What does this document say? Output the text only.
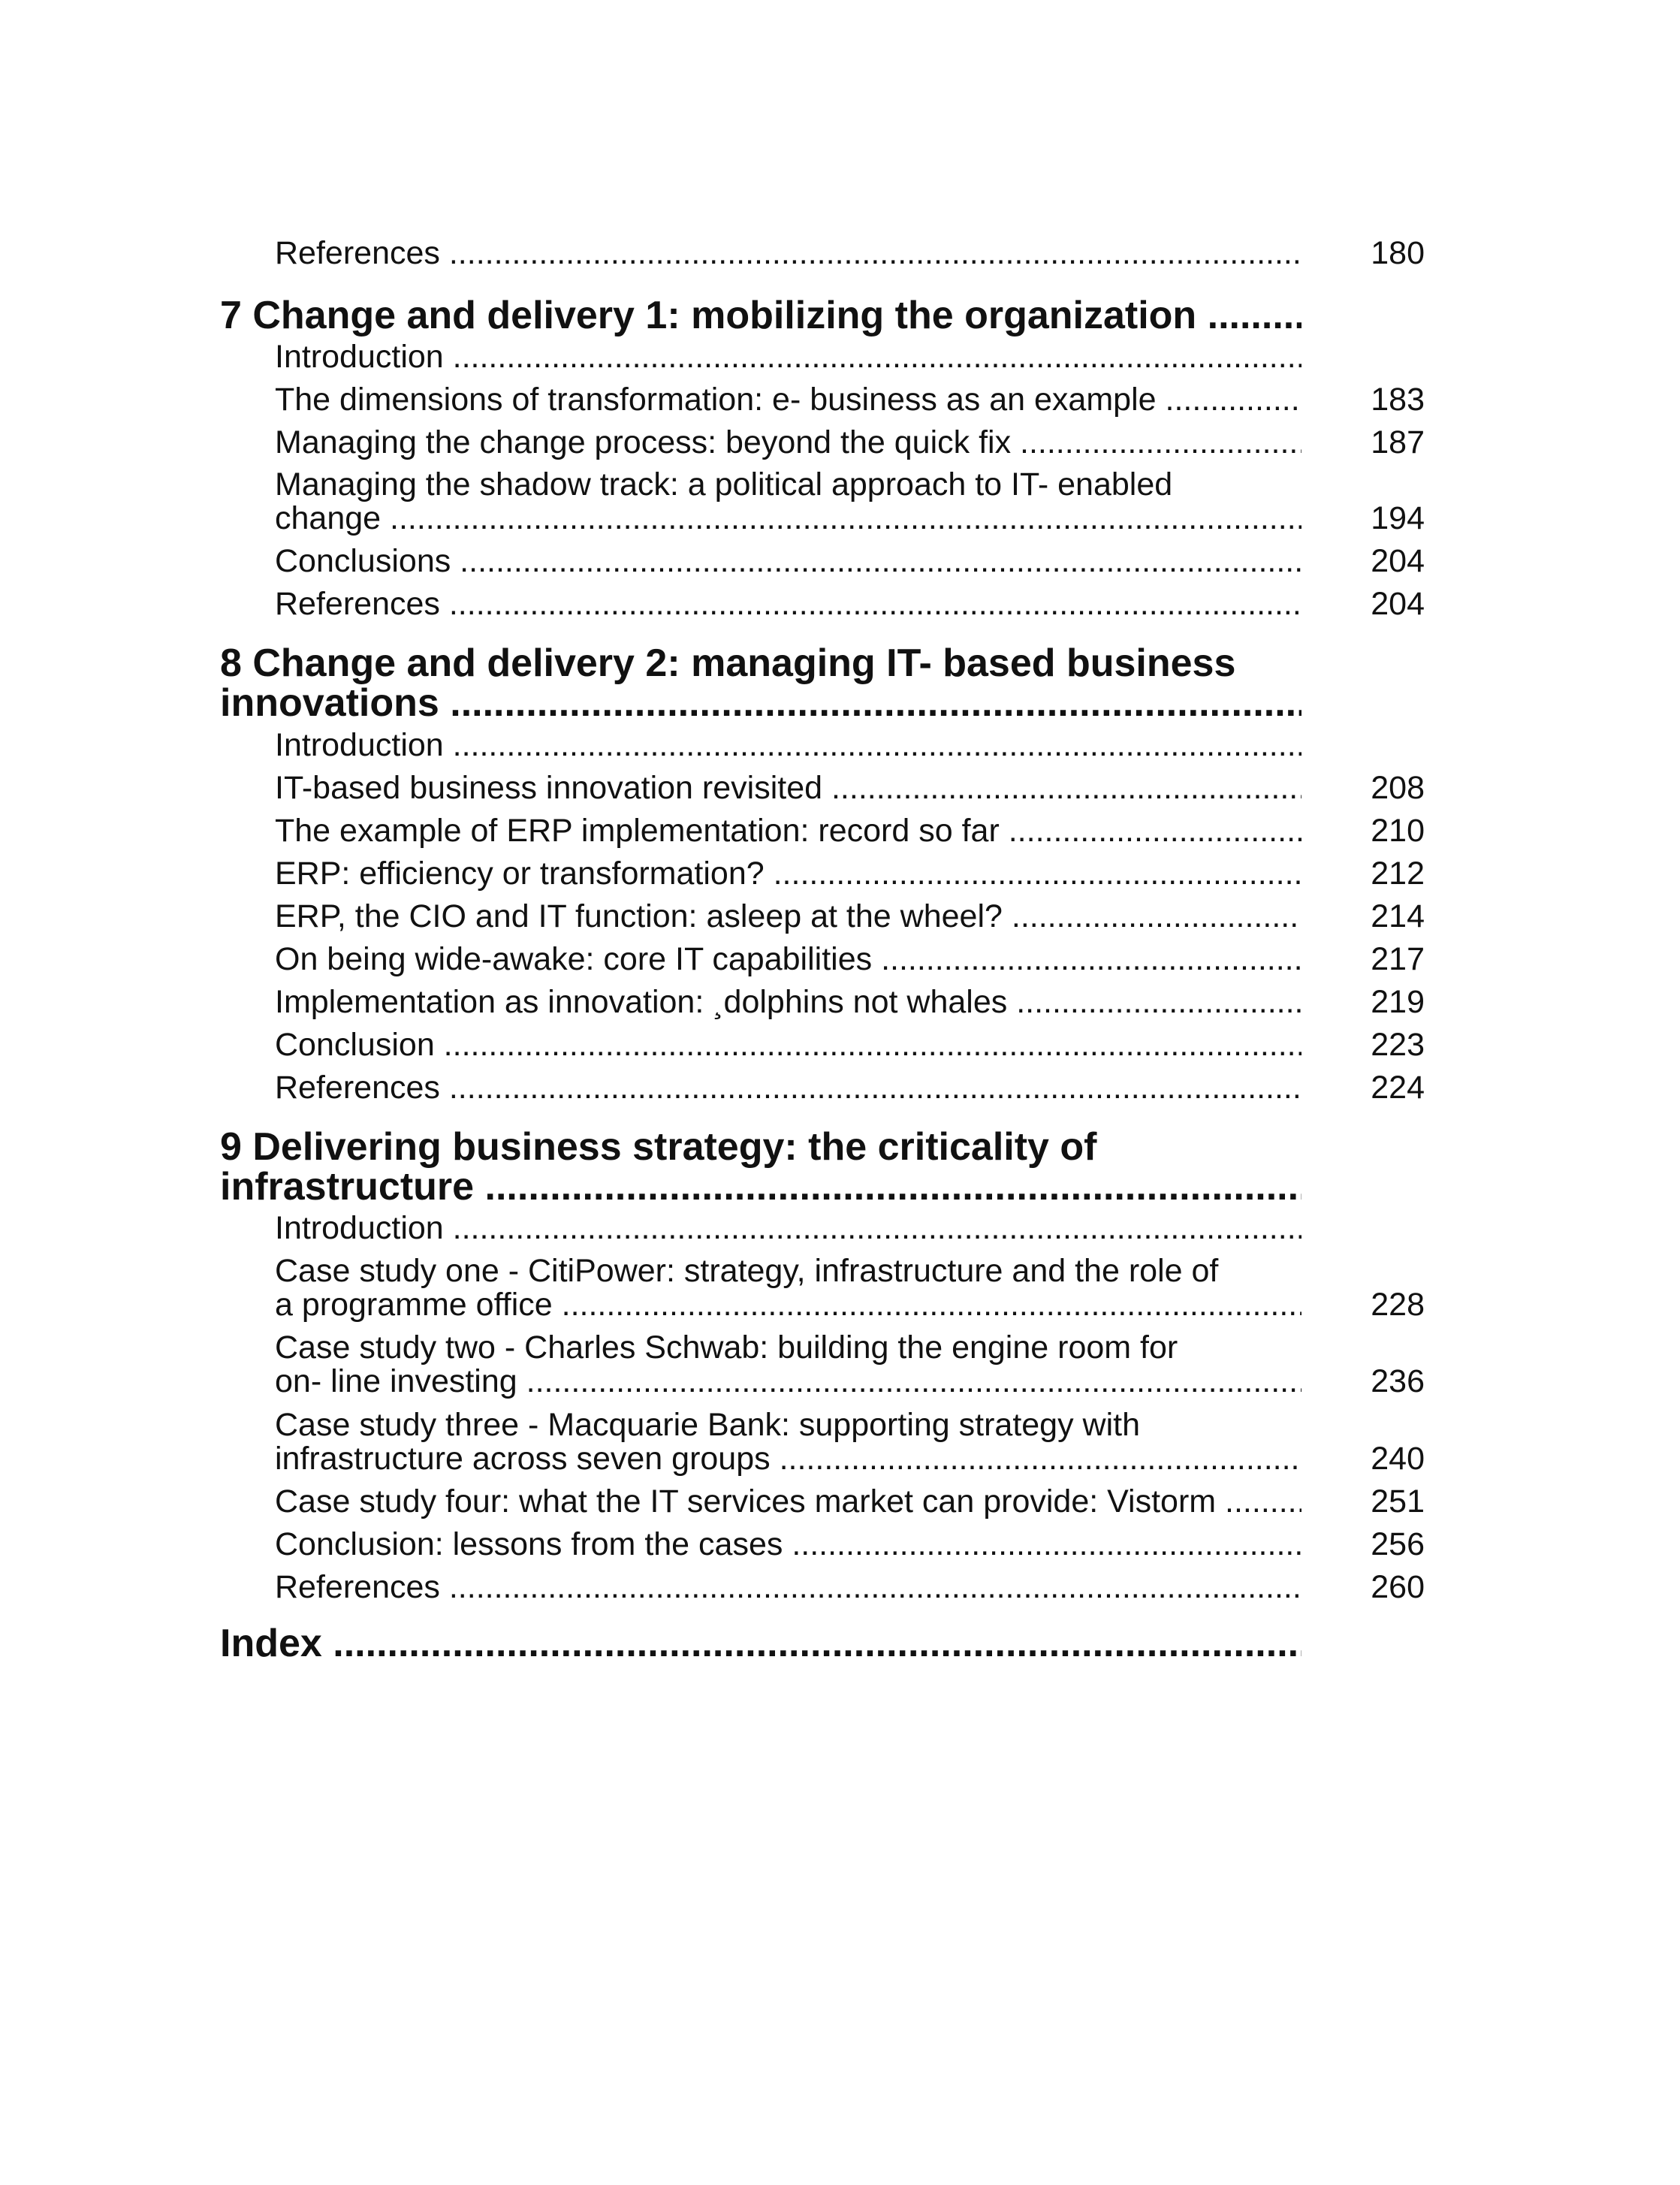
References .....	180
7 Change and delivery 1: mobilizing the organization .....
Introduction .....
The dimensions of transformation: e- business as an example .....	183
Managing the change process: beyond the quick fix .....	187
Managing the shadow track: a political approach to IT- enabled
change .....	194
Conclusions .....	204
References .....	204
8 Change and delivery 2: managing IT- based business
innovations .....
Introduction .....
IT-based business innovation revisited .....	208
The example of ERP implementation: record so far .....	210
ERP: efficiency or transformation? .....	212
ERP, the CIO and IT function: asleep at the wheel? .....	214
On being wide-awake: core IT capabilities .....	217
Implementation as innovation: ¸dolphins not whales .....	219
Conclusion .....	223
References .....	224
9 Delivering business strategy: the criticality of
infrastructure .....
Introduction .....
Case study one - CitiPower: strategy, infrastructure and the role of
a programme office .....	228
Case study two - Charles Schwab: building the engine room for
on- line investing .....	236
Case study three - Macquarie Bank: supporting strategy with
infrastructure across seven groups .....	240
Case study four: what the IT services market can provide: Vistorm .....	251
Conclusion: lessons from the cases .....	256
References .....	260
Index .....
